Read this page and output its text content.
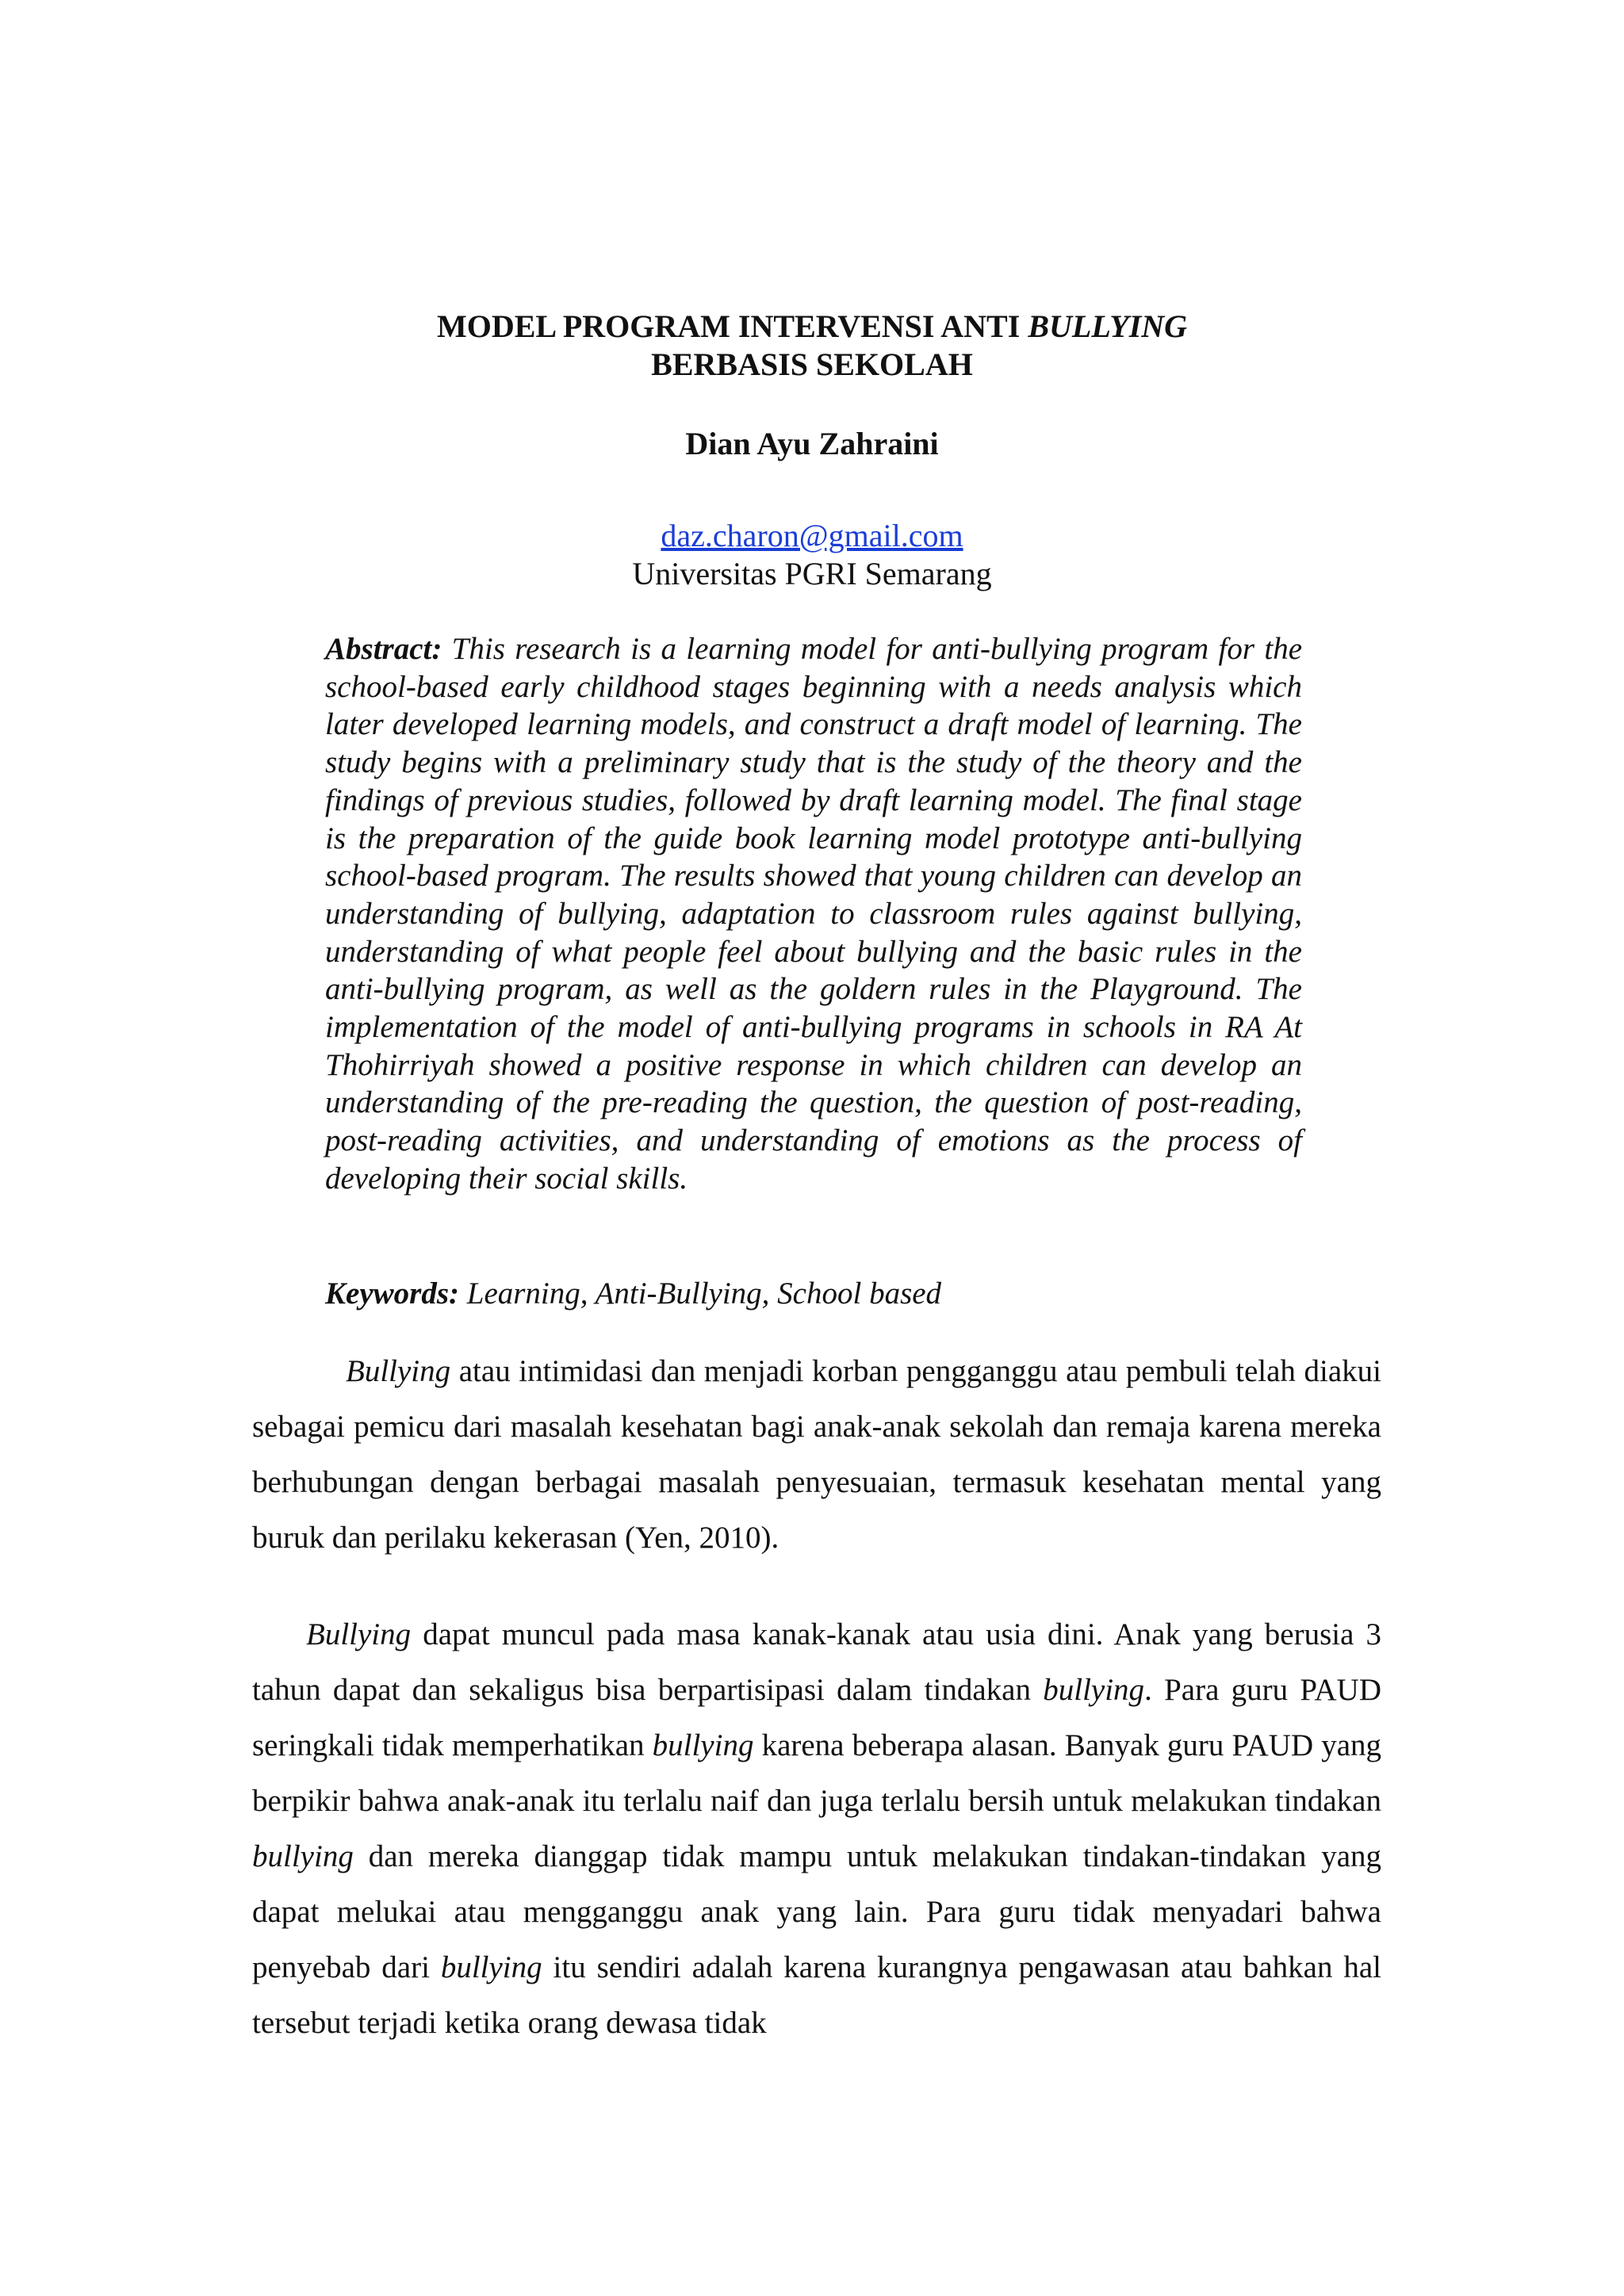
MODEL PROGRAM INTERVENSI ANTI BULLYING
BERBASIS SEKOLAH
Dian Ayu Zahraini
daz.charon@gmail.com
Universitas PGRI Semarang
Abstract: This research is a learning model for anti-bullying program for the school-based early childhood stages beginning with a needs analysis which later developed learning models, and construct a draft model of learning. The study begins with a preliminary study that is the study of the theory and the findings of previous studies, followed by draft learning model. The final stage is the preparation of the guide book learning model prototype anti-bullying school-based program. The results showed that young children can develop an understanding of bullying, adaptation to classroom rules against bullying, understanding of what people feel about bullying and the basic rules in the anti-bullying program, as well as the goldern rules in the Playground. The implementation of the model of anti-bullying programs in schools in RA At Thohirriyah showed a positive response in which children can develop an understanding of the pre-reading the question, the question of post-reading, post-reading activities, and understanding of emotions as the process of developing their social skills.
Keywords: Learning, Anti-Bullying, School based
Bullying atau intimidasi dan menjadi korban pengganggu atau pembuli telah diakui sebagai pemicu dari masalah kesehatan bagi anak-anak sekolah dan remaja karena mereka berhubungan dengan berbagai masalah penyesuaian, termasuk kesehatan mental yang buruk dan perilaku kekerasan (Yen, 2010).
Bullying dapat muncul pada masa kanak-kanak atau usia dini. Anak yang berusia 3 tahun dapat dan sekaligus bisa berpartisipasi dalam tindakan bullying. Para guru PAUD seringkali tidak memperhatikan bullying karena beberapa alasan. Banyak guru PAUD yang berpikir bahwa anak-anak itu terlalu naif dan juga terlalu bersih untuk melakukan tindakan bullying dan mereka dianggap tidak mampu untuk melakukan tindakan-tindakan yang dapat melukai atau mengganggu anak yang lain. Para guru tidak menyadari bahwa penyebab dari bullying itu sendiri adalah karena kurangnya pengawasan atau bahkan hal tersebut terjadi ketika orang dewasa tidak
